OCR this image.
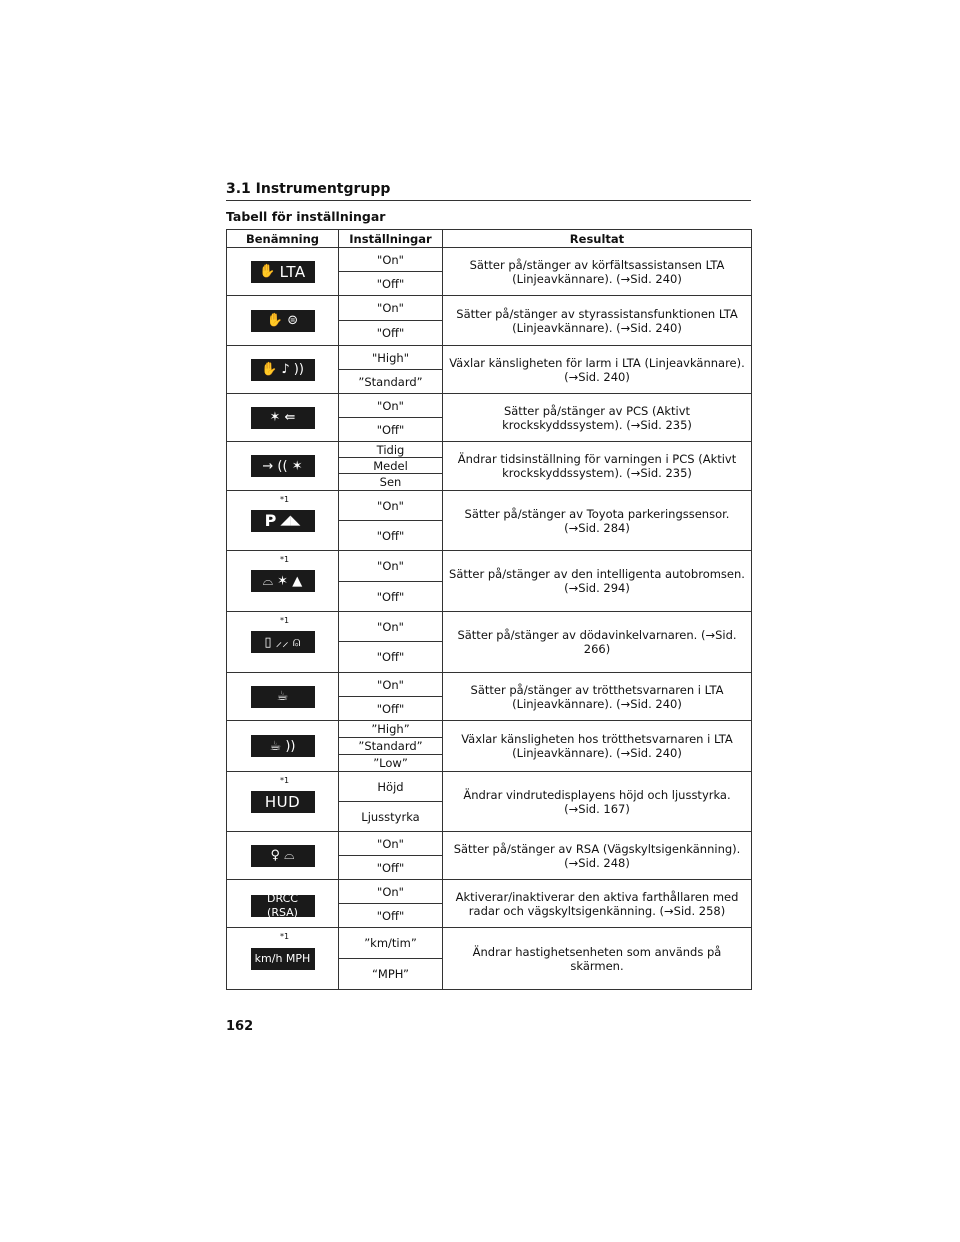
3.1 Instrumentgrupp
Tabell för inställningar
Benämning	Inställningar	Resultat

✋ LTA	"On"	Sätter på/stänger av körfältsassistansen LTA (Linjeavkännare). (→Sid. 240)
	"Off"	

✋ ⊜	"On"	Sätter på/stänger av styrassistansfunktionen LTA (Linjeavkännare). (→Sid. 240)
	"Off"	

✋ ♪ ))	"High"	Växlar känsligheten för larm i LTA (Linjeavkännare). (→Sid. 240)
	”Standard”	

✶ ⇚	"On"	Sätter på/stänger av PCS (Aktivt krockskyddssystem). (→Sid. 235)
	"Off"	

→ (( ✶	Tidig	Ändrar tidsinställning för varningen i PCS (Aktivt krockskyddssystem). (→Sid. 235)
	Medel	
	Sen	

*1
P ◢◣	"On"	Sätter på/stänger av Toyota parkeringssensor. (→Sid. 284)
	"Off"	

*1
⌓ ✶ ▲	"On"	Sätter på/stänger av den intelligenta autobromsen. (→Sid. 294)
	"Off"	

*1
▯ ⸝⸝ ⍝	"On"	Sätter på/stänger av dödavinkelvarnaren. (→Sid. 266)
	"Off"	

☕	"On"	Sätter på/stänger av trötthetsvarnaren i LTA (Linjeavkännare). (→Sid. 240)
	"Off"	

☕ ))	”High”	Växlar känsligheten hos trötthetsvarnaren i LTA (Linjeavkännare). (→Sid. 240)
	”Standard”	
	”Low”	

*1
HUD	Höjd	Ändrar vindrutedisplayens höjd och ljusstyrka. (→Sid. 167)
	Ljusstyrka	

♀ ⌓	"On"	Sätter på/stänger av RSA (Vägskyltsigenkänning). (→Sid. 248)
	"Off"	

DRCC (RSA)	"On"	Aktiverar/inaktiverar den aktiva farthållaren med radar och vägskyltsigenkänning. (→Sid. 258)
	"Off"	

*1
km/h MPH	”km/tim”	Ändrar hastighetsenheten som används på skärmen.
	“MPH”	
162
